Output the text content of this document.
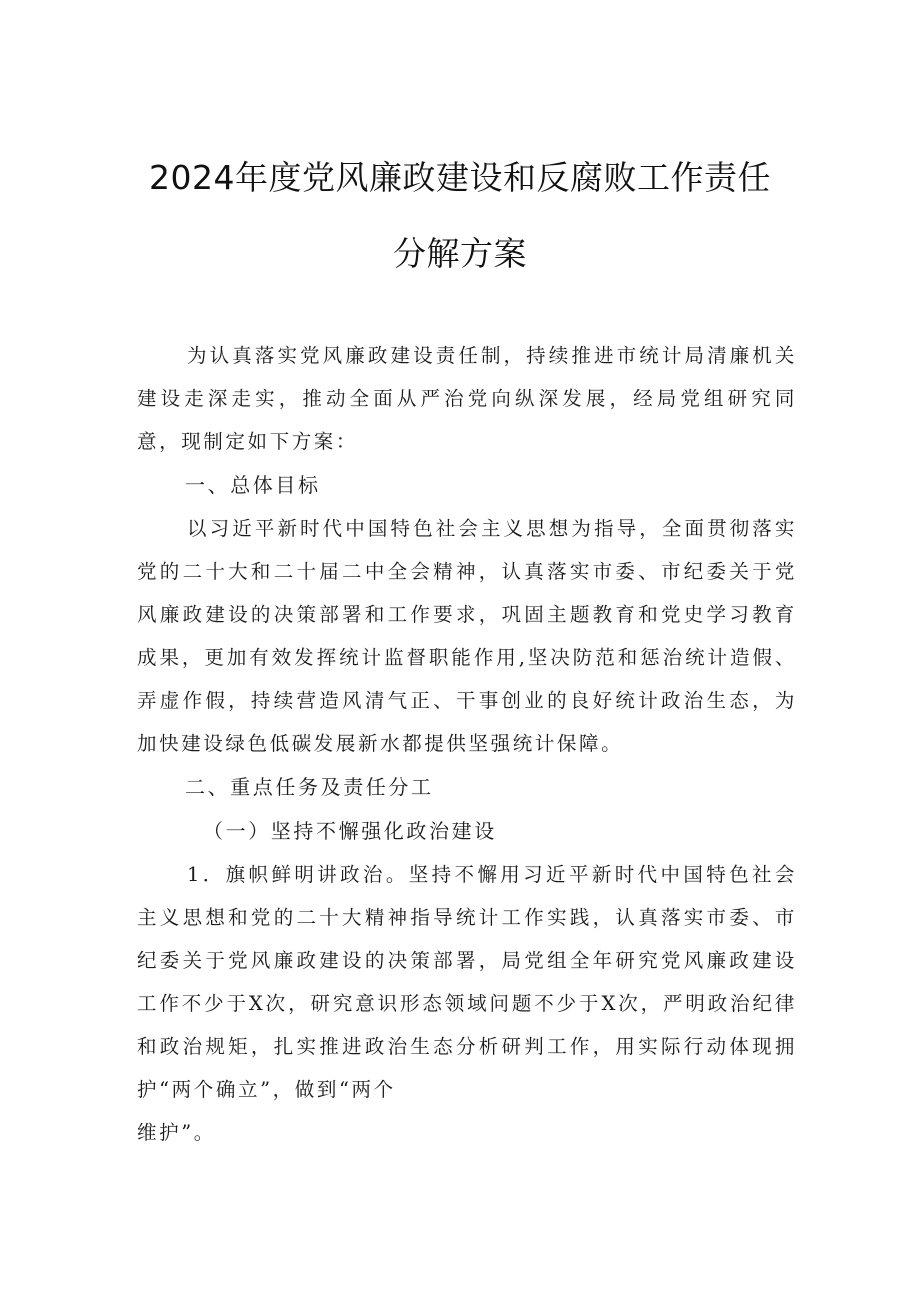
2024年度党风廉政建设和反腐败工作责任
分解方案

为认真落实党风廉政建设责任制，持续推进市统计局清廉机关建设走深走实，推动全面从严治党向纵深发展，经局党组研究同意，现制定如下方案：

一、总体目标

以习近平新时代中国特色社会主义思想为指导，全面贯彻落实党的二十大和二十届二中全会精神，认真落实市委、市纪委关于党风廉政建设的决策部署和工作要求，巩固主题教育和党史学习教育成果，更加有效发挥统计监督职能作用,坚决防范和惩治统计造假、弄虚作假，持续营造风清气正、干事创业的良好统计政治生态，为加快建设绿色低碳发展新水都提供坚强统计保障。

二、重点任务及责任分工

（一）坚持不懈强化政治建设

1．旗帜鲜明讲政治。坚持不懈用习近平新时代中国特色社会主义思想和党的二十大精神指导统计工作实践，认真落实市委、市纪委关于党风廉政建设的决策部署，局党组全年研究党风廉政建设工作不少于X次，研究意识形态领域问题不少于X次，严明政治纪律和政治规矩，扎实推进政治生态分析研判工作，用实际行动体现拥护“两个确立”，做到“两个

维护”。
